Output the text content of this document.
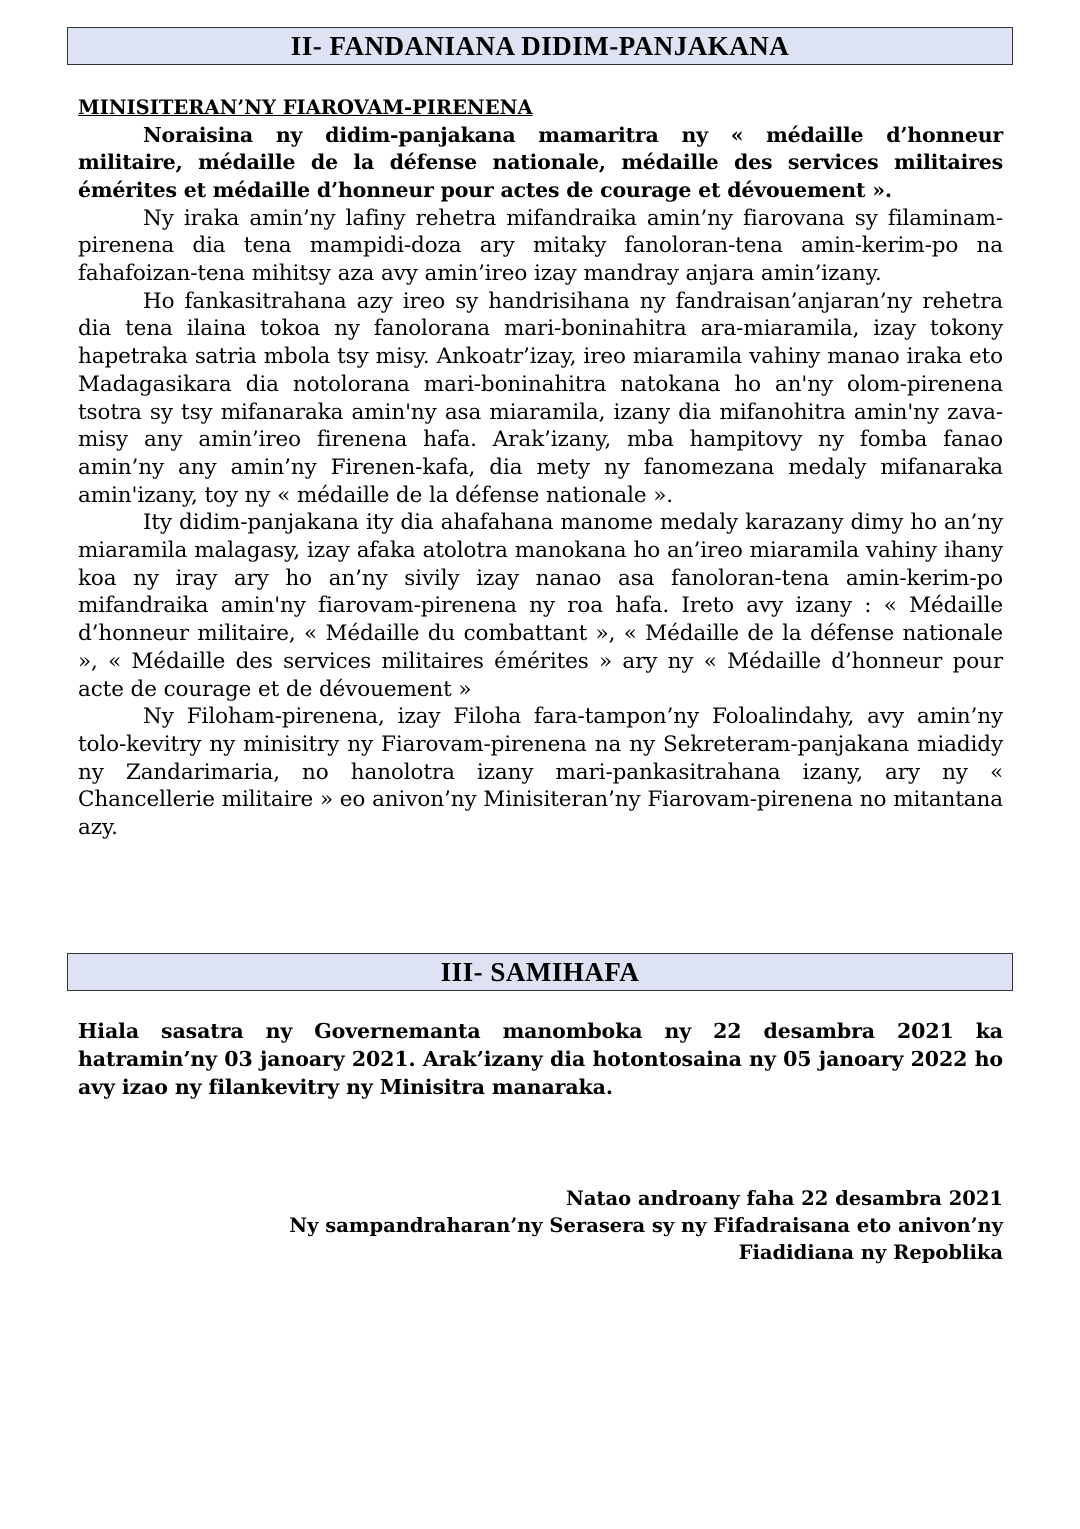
II- FANDANIANA DIDIM-PANJAKANA

MINISITERAN’NY FIAROVAM-PIRENENA

Noraisina ny didim-panjakana mamaritra ny « médaille d’honneur militaire, médaille de la défense nationale, médaille des services militaires émérites et médaille d’honneur pour actes de courage et dévouement ».

Ny iraka amin’ny lafiny rehetra mifandraika amin’ny fiarovana sy filaminam-pirenena dia tena mampidi-doza ary mitaky fanoloran-tena amin-kerim-po na fahafoizan-tena mihitsy aza avy amin’ireo izay mandray anjara amin’izany.

Ho fankasitrahana azy ireo sy handrisihana ny fandraisan’anjaran’ny rehetra dia tena ilaina tokoa ny fanolorana mari-boninahitra ara-miaramila, izay tokony hapetraka satria mbola tsy misy. Ankoatr’izay, ireo miaramila vahiny manao iraka eto Madagasikara dia notolorana mari-boninahitra natokana ho an'ny olom-pirenena tsotra sy tsy mifanaraka amin'ny asa miaramila, izany dia mifanohitra amin'ny zava-misy any amin’ireo firenena hafa. Arak’izany, mba hampitovy ny fomba fanao amin’ny any amin’ny Firenen-kafa, dia mety ny fanomezana medaly mifanaraka amin'izany, toy ny « médaille de la défense nationale ».

Ity didim-panjakana ity dia ahafahana manome medaly karazany dimy ho an’ny miaramila malagasy, izay afaka atolotra manokana ho an’ireo miaramila vahiny ihany koa ny iray ary ho an’ny sivily izay nanao asa fanoloran-tena amin-kerim-po mifandraika amin'ny fiarovam-pirenena ny roa hafa. Ireto avy izany : « Médaille d’honneur militaire, « Médaille du combattant », « Médaille de la défense nationale », « Médaille des services militaires émérites » ary ny « Médaille d’honneur pour acte de courage et de dévouement »

Ny Filoham-pirenena, izay Filoha fara-tampon’ny Foloalindahy, avy amin’ny tolo-kevitry ny minisitry ny Fiarovam-pirenena na ny Sekreteram-panjakana miadidy ny Zandarimaria, no hanolotra izany mari-pankasitrahana izany, ary ny « Chancellerie militaire » eo anivon’ny Minisiteran’ny Fiarovam-pirenena no mitantana azy.

III- SAMIHAFA

Hiala sasatra ny Governemanta manomboka ny 22 desambra 2021 ka hatramin’ny 03 janoary 2021. Arak’izany dia hotontosaina ny 05 janoary 2022 ho avy izao ny filankevitry ny Minisitra manaraka.

Natao androany faha 22 desambra 2021

Ny sampandraharan’ny Serasera sy ny Fifadraisana eto anivon’ny

Fiadidiana ny Repoblika
